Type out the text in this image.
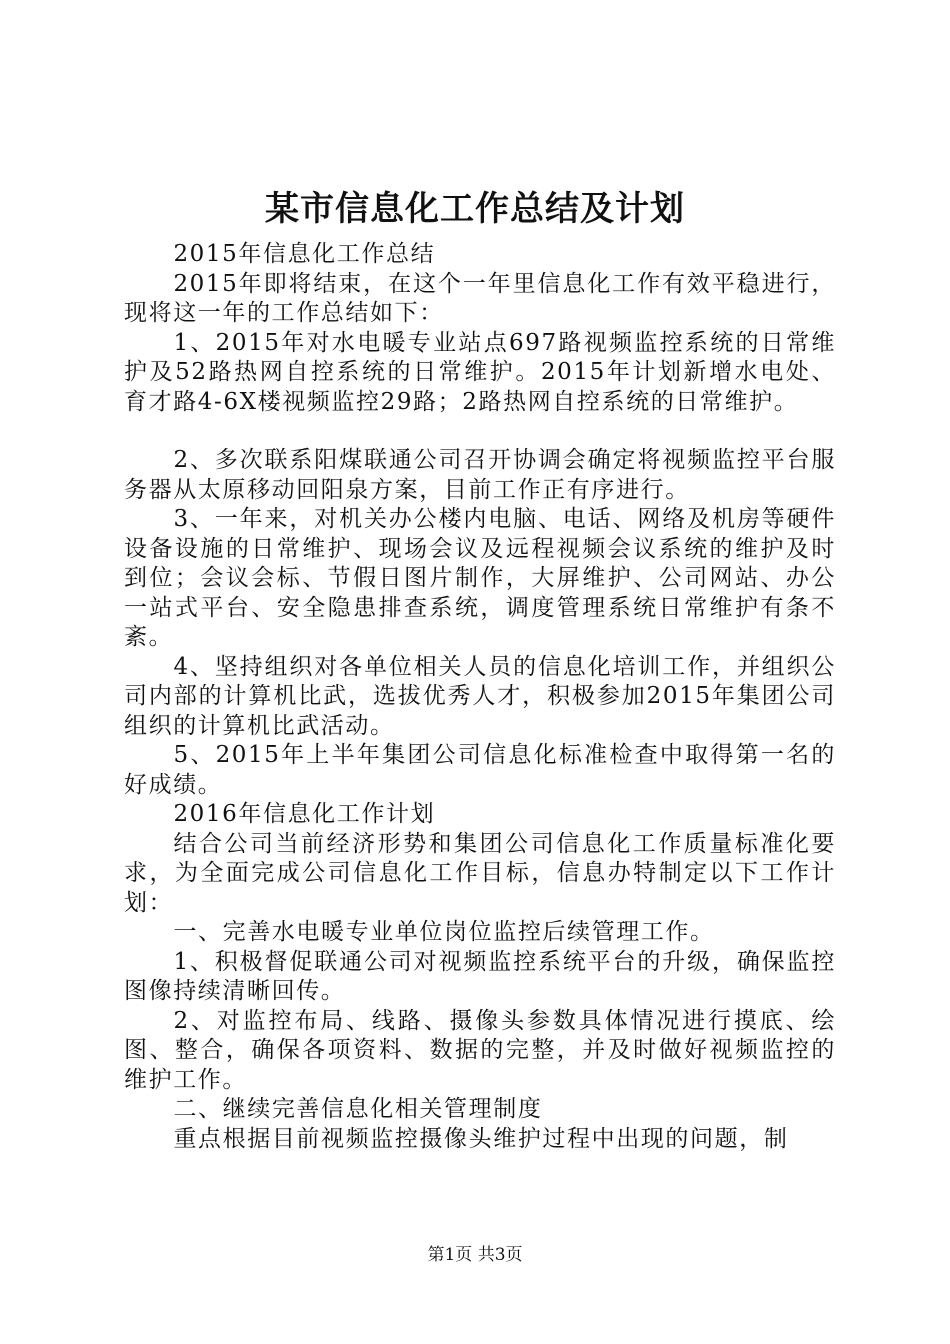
某市信息化工作总结及计划

2015年信息化工作总结

2015年即将结束，在这个一年里信息化工作有效平稳进行，现将这一年的工作总结如下：

1、2015年对水电暖专业站点697路视频监控系统的日常维护及52路热网自控系统的日常维护。2015年计划新增水电处、育才路4-6X楼视频监控29路；2路热网自控系统的日常维护。

2、多次联系阳煤联通公司召开协调会确定将视频监控平台服务器从太原移动回阳泉方案，目前工作正有序进行。

3、一年来，对机关办公楼内电脑、电话、网络及机房等硬件设备设施的日常维护、现场会议及远程视频会议系统的维护及时到位；会议会标、节假日图片制作，大屏维护、公司网站、办公一站式平台、安全隐患排查系统，调度管理系统日常维护有条不紊。

4、坚持组织对各单位相关人员的信息化培训工作，并组织公司内部的计算机比武，选拔优秀人才，积极参加2015年集团公司组织的计算机比武活动。

5、2015年上半年集团公司信息化标准检查中取得第一名的好成绩。

2016年信息化工作计划

结合公司当前经济形势和集团公司信息化工作质量标准化要求，为全面完成公司信息化工作目标，信息办特制定以下工作计划：

一、完善水电暖专业单位岗位监控后续管理工作。

1、积极督促联通公司对视频监控系统平台的升级，确保监控图像持续清晰回传。

2、对监控布局、线路、摄像头参数具体情况进行摸底、绘图、整合，确保各项资料、数据的完整，并及时做好视频监控的维护工作。

二、继续完善信息化相关管理制度

重点根据目前视频监控摄像头维护过程中出现的问题，制

第1页 共3页
